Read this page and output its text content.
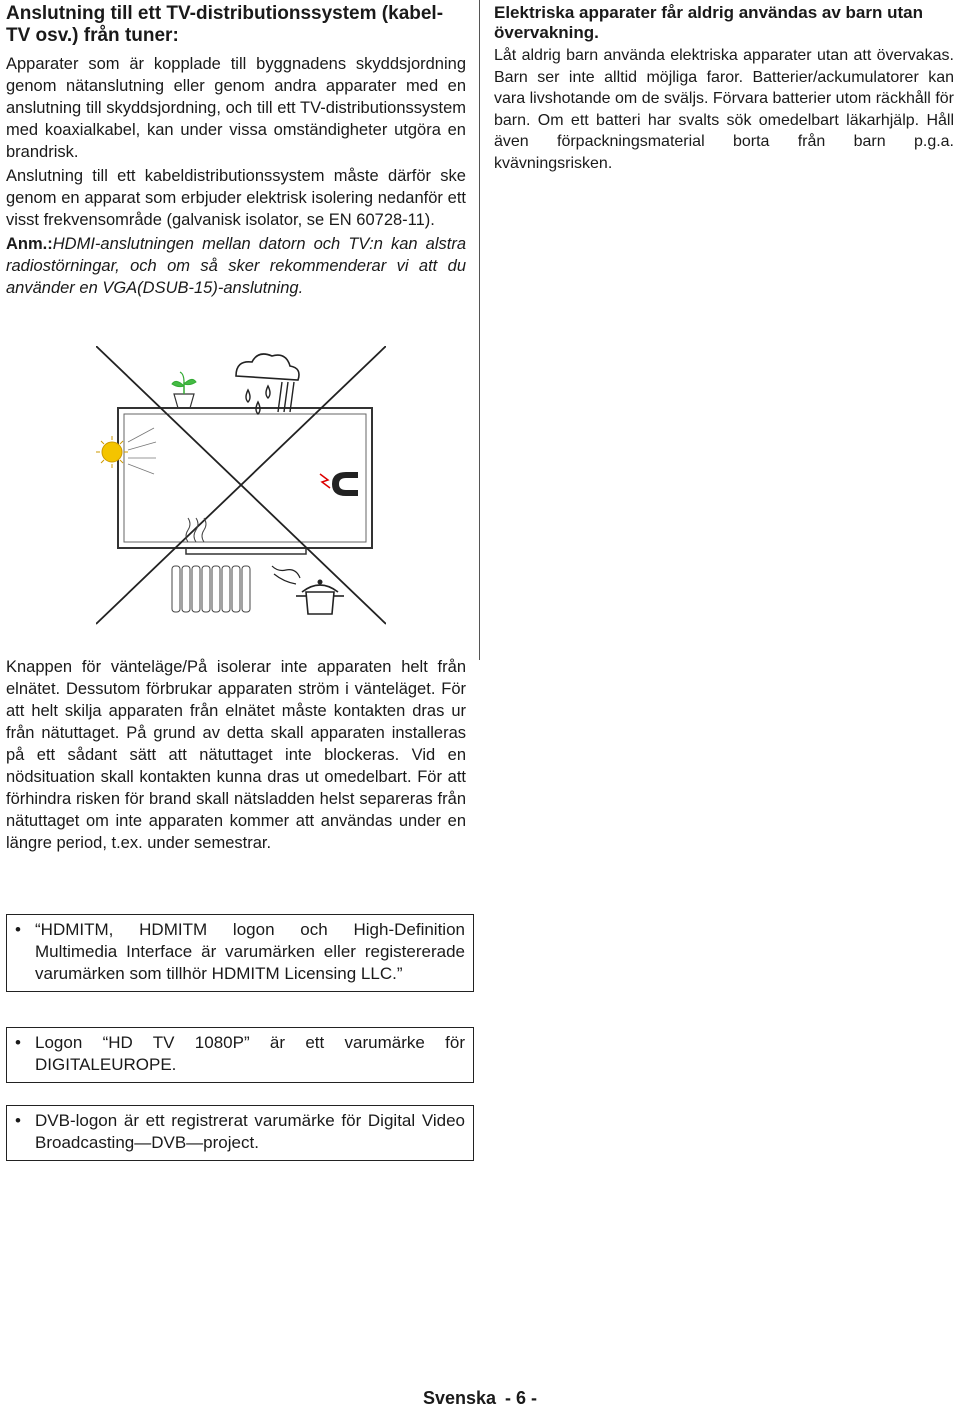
Anslutning till ett TV-distributionssystem (kabel-TV osv.) från tuner:

Apparater som är kopplade till byggnadens skyddsjordning genom nätanslutning eller genom andra apparater med en anslutning till skyddsjordning, och till ett TV-distributionssystem med koaxialkabel, kan under vissa omständigheter utgöra en brandrisk.

Anslutning till ett kabeldistributionssystem måste därför ske genom en apparat som erbjuder elektrisk isolering nedanför ett visst frekvensområde (galvanisk isolator, se EN 60728-11).

Anm.:HDMI-anslutningen mellan datorn och TV:n kan alstra radiostörningar, och om så sker rekommenderar vi att du använder en VGA(DSUB-15)-anslutning.

Elektriska apparater får aldrig användas av barn utan övervakning.

Låt aldrig barn använda elektriska apparater utan att övervakas. Barn ser inte alltid möjliga faror. Batterier/ackumulatorer kan vara livshotande om de sväljs. Förvara batterier utom räckhåll för barn. Om ett batteri har svalts sök omedelbart läkarhjälp. Håll även förpackningsmaterial borta från barn p.g.a. kvävningsrisken.

Knappen för vänteläge/På isolerar inte apparaten helt från elnätet. Dessutom förbrukar apparaten ström i vänteläget. För att helt skilja apparaten från elnätet måste kontakten dras ur från nätuttaget. På grund av detta skall apparaten installeras på ett sådant sätt att nätuttaget inte blockeras. Vid en nödsituation skall kontakten kunna dras ut omedelbart. För att förhindra risken för brand skall nätsladden helst separeras från nätuttaget om inte apparaten kommer att användas under en längre period, t.ex. under semestrar.

• “HDMITM, HDMITM logon och High-Definition Multimedia Interface är varumärken eller registererade varumärken som tillhör HDMITM Licensing LLC.”
• Logon “HD TV 1080P” är ett varumärke för DIGITALEUROPE.
• DVB-logon är ett registrerat varumärke för Digital Video Broadcasting—DVB—project.
Svenska - 6 -
